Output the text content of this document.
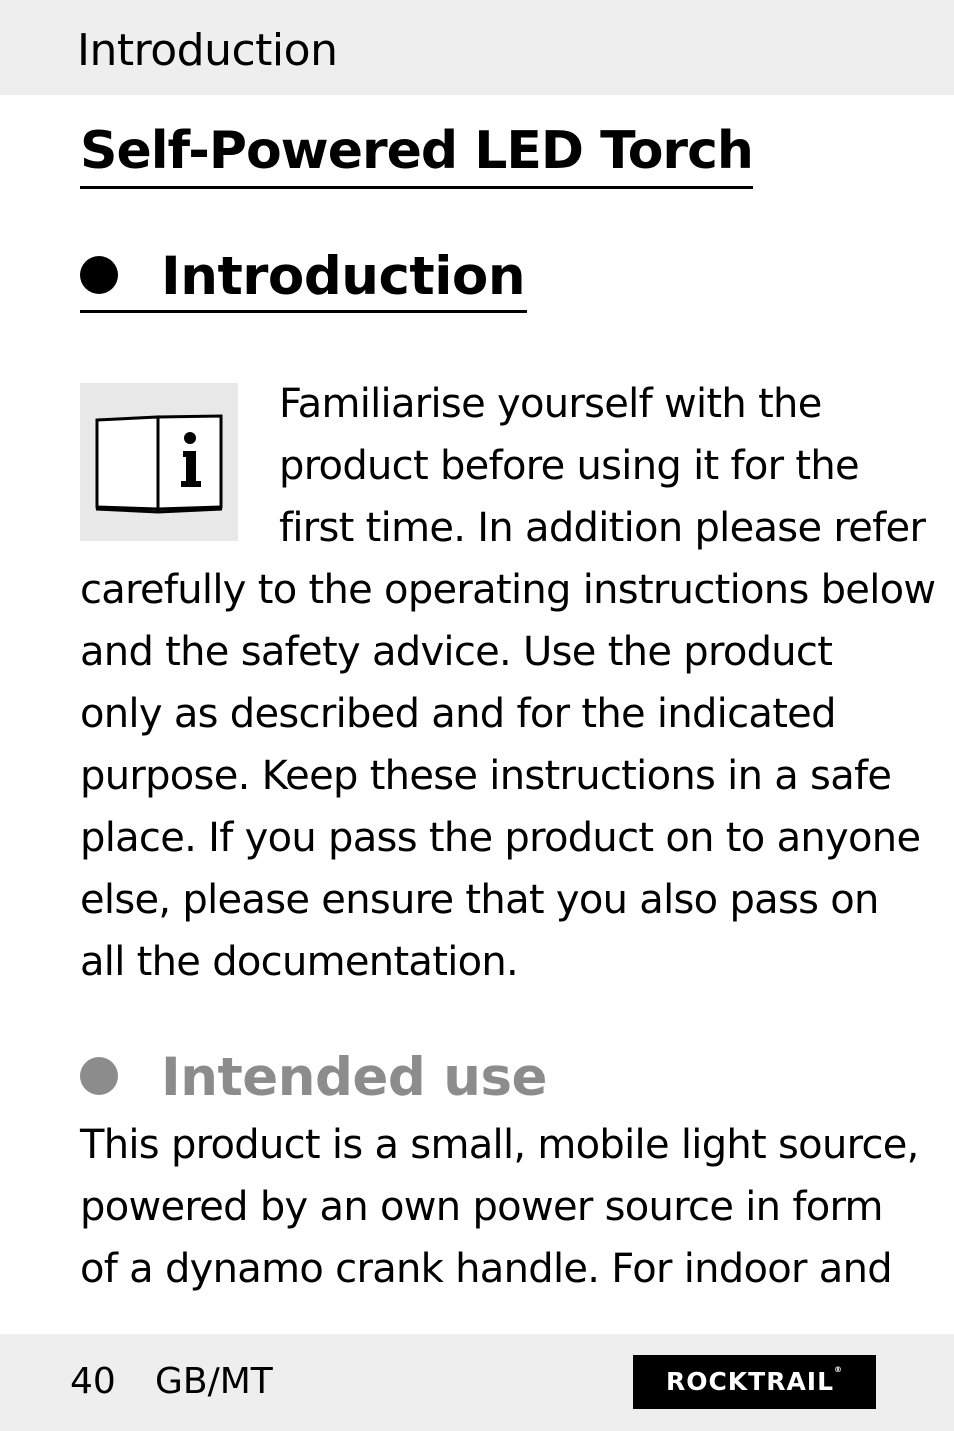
Introduction
Self-Powered LED Torch
Introduction
Familiarise yourself with the
product before using it for the
first time. In addition please refer
carefully to the operating instructions below
and the safety advice. Use the product
only as described and for the indicated
purpose. Keep these instructions in a safe
place. If you pass the product on to anyone
else, please ensure that you also pass on
all the documentation.
Intended use
This product is a small, mobile light source,
powered by an own power source in form
of a dynamo crank handle. For indoor and
40 GB/MT	ROCKTRAIL®
